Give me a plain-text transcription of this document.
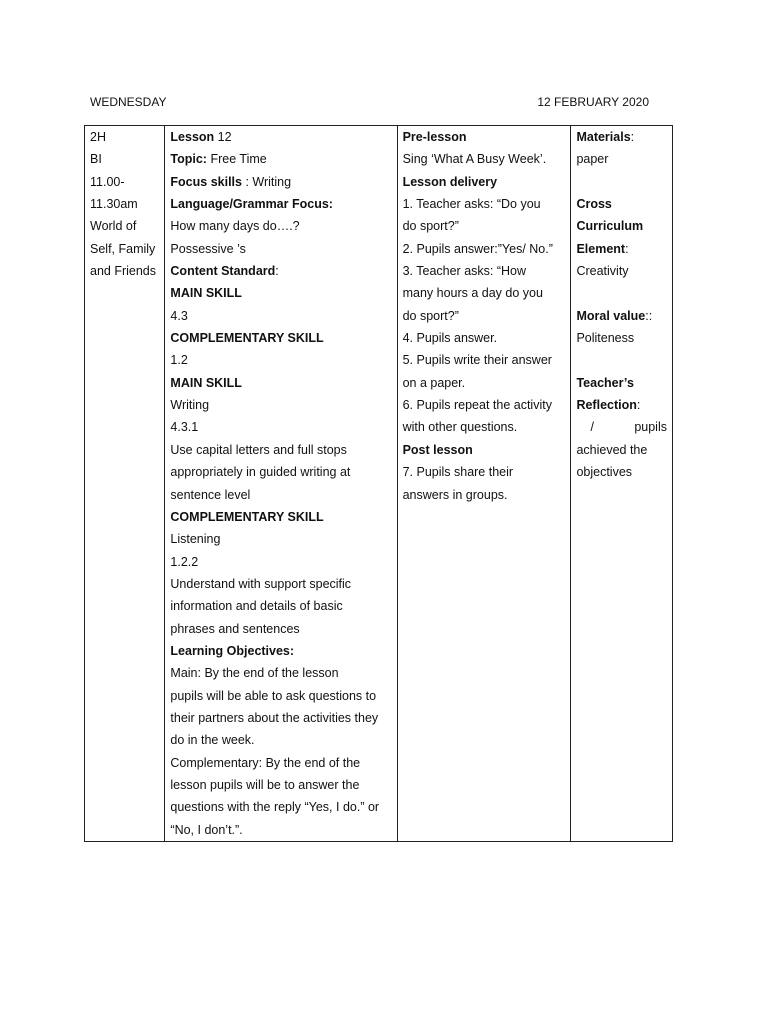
WEDNESDAY	12 FEBRUARY 2020
2H
BI
11.00-
11.30am
World of
Self, Family
and Friends

Lesson 12
Topic: Free Time
Focus skills : Writing
Language/Grammar Focus:
How many days do….?
Possessive ’s
Content Standard:
MAIN SKILL
4.3
COMPLEMENTARY SKILL
1.2
MAIN SKILL
Writing
4.3.1
Use capital letters and full stops
appropriately in guided writing at
sentence level
COMPLEMENTARY SKILL
Listening
1.2.2
Understand with support specific
information and details of basic
phrases and sentences
Learning Objectives:
Main: By the end of the lesson
pupils will be able to ask questions to
their partners about the activities they
do in the week.
Complementary: By the end of the
lesson pupils will be to answer the
questions with the reply “Yes, I do.” or
“No, I don’t.”.

Pre-lesson
Sing ‘What A Busy Week’.
Lesson delivery
1. Teacher asks: “Do you
do sport?”
2. Pupils answer:”Yes/ No.”
3. Teacher asks: “How
many hours a day do you
do sport?”
4. Pupils answer.
5. Pupils write their answer
on a paper.
6. Pupils repeat the activity
with other questions.
Post lesson
7. Pupils share their
answers in groups.

Materials:
paper
Cross
Curriculum
Element:
Creativity
Moral value::
Politeness
Teacher’s
Reflection:
/	pupils
achieved the
objectives
